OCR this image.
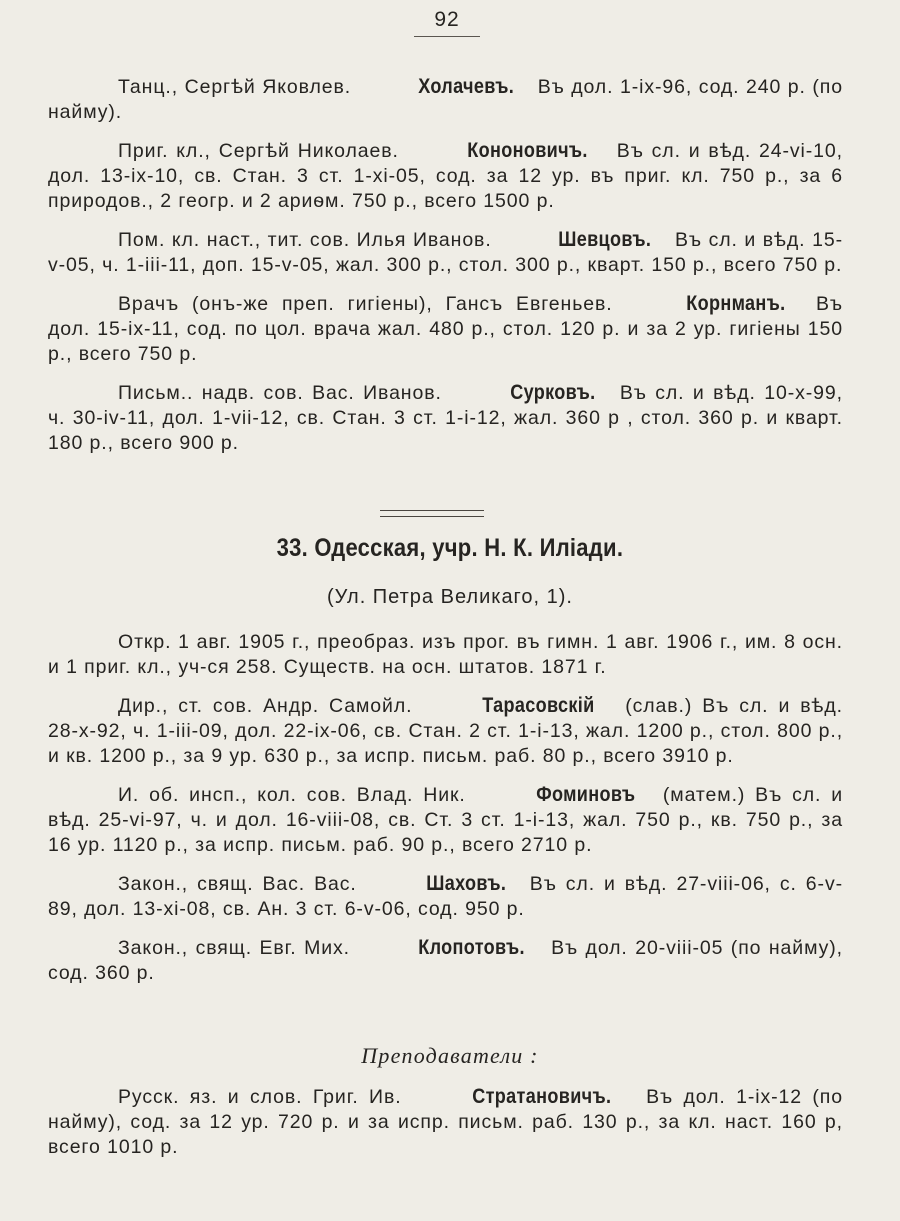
92

Танц., Сергѣй Яковлев.	Холачевъ. Въ дол. 1-ix-96, сод. 240 р. (по найму).

Приг. кл., Сергѣй Николаев.	Кононовичъ. Въ сл. и вѣд. 24-vi-10, дол. 13-ix-10, св. Стан. 3 ст. 1-xi-05, сод. за 12 ур. въ приг. кл. 750 р., за 6 природов., 2 геогр. и 2 ариѳм. 750 р., всего 1500 р.

Пом. кл. наст., тит. сов. Илья Иванов.	Шевцовъ. Въ сл. и вѣд. 15-v-05, ч. 1-iii-11, доп. 15-v-05, жал. 300 р., стол. 300 р., кварт. 150 р., всего 750 р.

Врачъ (онъ-же преп. гигіены), Гансъ Евгеньев.	Корнманъ. Въ дол. 15-ix-11, сод. по цол. врача жал. 480 р., стол. 120 р. и за 2 ур. гигіены 150 р., всего 750 р.

Письм.. надв. сов. Вас. Иванов.	Сурковъ. Въ сл. и вѣд. 10-x-99, ч. 30-iv-11, дол. 1-vii-12, св. Стан. 3 ст. 1-i-12, жал. 360 р , стол. 360 р. и кварт. 180 р., всего 900 р.

33. Одесская, учр. Н. К. Иліади.
(Ул. Петра Великаго, 1).

Откр. 1 авг. 1905 г., преобраз. изъ прог. въ гимн. 1 авг. 1906 г., им. 8 осн. и 1 приг. кл., уч-ся 258. Существ. на осн. штатов. 1871 г.

Дир., ст. сов. Андр. Самойл.	Тарасовскій (слав.) Въ сл. и вѣд. 28-x-92, ч. 1-iii-09, дол. 22-ix-06, св. Стан. 2 ст. 1-i-13, жал. 1200 р., стол. 800 р., и кв. 1200 р., за 9 ур. 630 р., за испр. письм. раб. 80 р., всего 3910 р.

И. об. инсп., кол. сов. Влад. Ник.	Фоминовъ (матем.) Въ сл. и вѣд. 25-vi-97, ч. и дол. 16-viii-08, св. Ст. 3 ст. 1-i-13, жал. 750 р., кв. 750 р., за 16 ур. 1120 р., за испр. письм. раб. 90 р., всего 2710 р.

Закон., свящ. Вас. Вас.	Шаховъ. Въ сл. и вѣд. 27-viii-06, с. 6-v-89, дол. 13-xi-08, св. Ан. 3 ст. 6-v-06, сод. 950 р.

Закон., свящ. Евг. Мих.	Клопотовъ. Въ дол. 20-viii-05 (по найму), сод. 360 р.

Преподаватели :

Русск. яз. и слов. Григ. Ив.	Стратановичъ. Въ дол. 1-ix-12 (по найму), сод. за 12 ур. 720 р. и за испр. письм. раб. 130 р., за кл. наст. 160 р, всего 1010 р.
